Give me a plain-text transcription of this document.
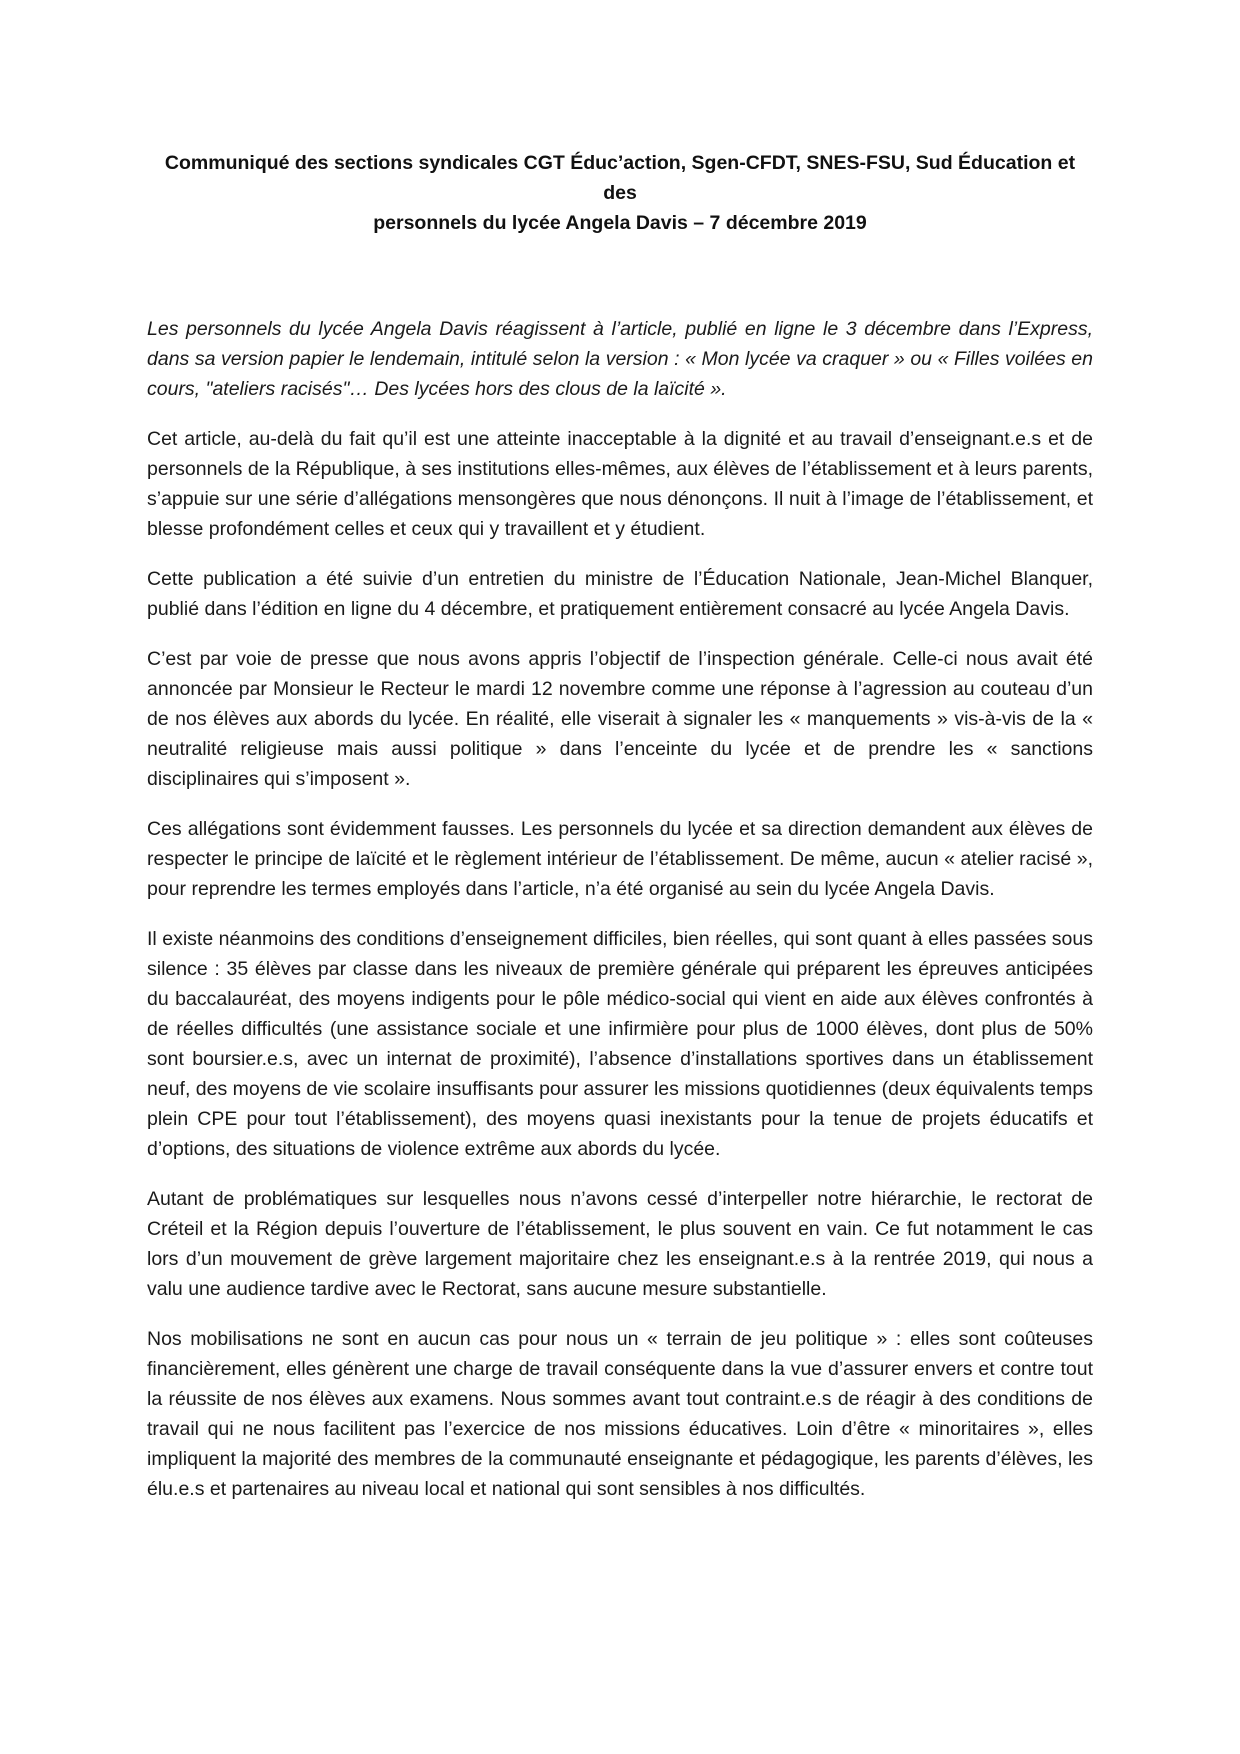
Communiqué des sections syndicales CGT Éduc’action, Sgen-CFDT, SNES-FSU, Sud Éducation et des
personnels du lycée Angela Davis – 7 décembre 2019

Les personnels du lycée Angela Davis réagissent à l’article, publié en ligne le 3 décembre dans l’Express, dans sa version papier le lendemain, intitulé selon la version : « Mon lycée va craquer » ou « Filles voilées en cours, "ateliers racisés"… Des lycées hors des clous de la laïcité ».

Cet article, au-delà du fait qu’il est une atteinte inacceptable à la dignité et au travail d’enseignant.e.s et de personnels de la République, à ses institutions elles-mêmes, aux élèves de l’établissement et à leurs parents, s’appuie sur une série d’allégations mensongères que nous dénonçons. Il nuit à l’image de l’établissement, et blesse profondément celles et ceux qui y travaillent et y étudient.

Cette publication a été suivie d’un entretien du ministre de l’Éducation Nationale, Jean-Michel Blanquer, publié dans l’édition en ligne du 4 décembre, et pratiquement entièrement consacré au lycée Angela Davis.

C’est par voie de presse que nous avons appris l’objectif de l’inspection générale. Celle-ci nous avait été annoncée par Monsieur le Recteur le mardi 12 novembre comme une réponse à l’agression au couteau d’un de nos élèves aux abords du lycée. En réalité, elle viserait à signaler les « manquements » vis-à-vis de la « neutralité religieuse mais aussi politique » dans l’enceinte du lycée et de prendre les « sanctions disciplinaires qui s’imposent ».

Ces allégations sont évidemment fausses. Les personnels du lycée et sa direction demandent aux élèves de respecter le principe de laïcité et le règlement intérieur de l’établissement. De même, aucun « atelier racisé », pour reprendre les termes employés dans l’article, n’a été organisé au sein du lycée Angela Davis.

Il existe néanmoins des conditions d’enseignement difficiles, bien réelles, qui sont quant à elles passées sous silence : 35 élèves par classe dans les niveaux de première générale qui préparent les épreuves anticipées du baccalauréat, des moyens indigents pour le pôle médico-social qui vient en aide aux élèves confrontés à de réelles difficultés (une assistance sociale et une infirmière pour plus de 1000 élèves, dont plus de 50% sont boursier.e.s, avec un internat de proximité), l’absence d’installations sportives dans un établissement neuf, des moyens de vie scolaire insuffisants pour assurer les missions quotidiennes (deux équivalents temps plein CPE pour tout l’établissement), des moyens quasi inexistants pour la tenue de projets éducatifs et d’options, des situations de violence extrême aux abords du lycée.

Autant de problématiques sur lesquelles nous n’avons cessé d’interpeller notre hiérarchie, le rectorat de Créteil et la Région depuis l’ouverture de l’établissement, le plus souvent en vain. Ce fut notamment le cas lors d’un mouvement de grève largement majoritaire chez les enseignant.e.s à la rentrée 2019, qui nous a valu une audience tardive avec le Rectorat, sans aucune mesure substantielle.

Nos mobilisations ne sont en aucun cas pour nous un « terrain de jeu politique » : elles sont coûteuses financièrement, elles génèrent une charge de travail conséquente dans la vue d’assurer envers et contre tout la réussite de nos élèves aux examens. Nous sommes avant tout contraint.e.s de réagir à des conditions de travail qui ne nous facilitent pas l’exercice de nos missions éducatives. Loin d’être « minoritaires », elles impliquent la majorité des membres de la communauté enseignante et pédagogique, les parents d’élèves, les élu.e.s et partenaires au niveau local et national qui sont sensibles à nos difficultés.
